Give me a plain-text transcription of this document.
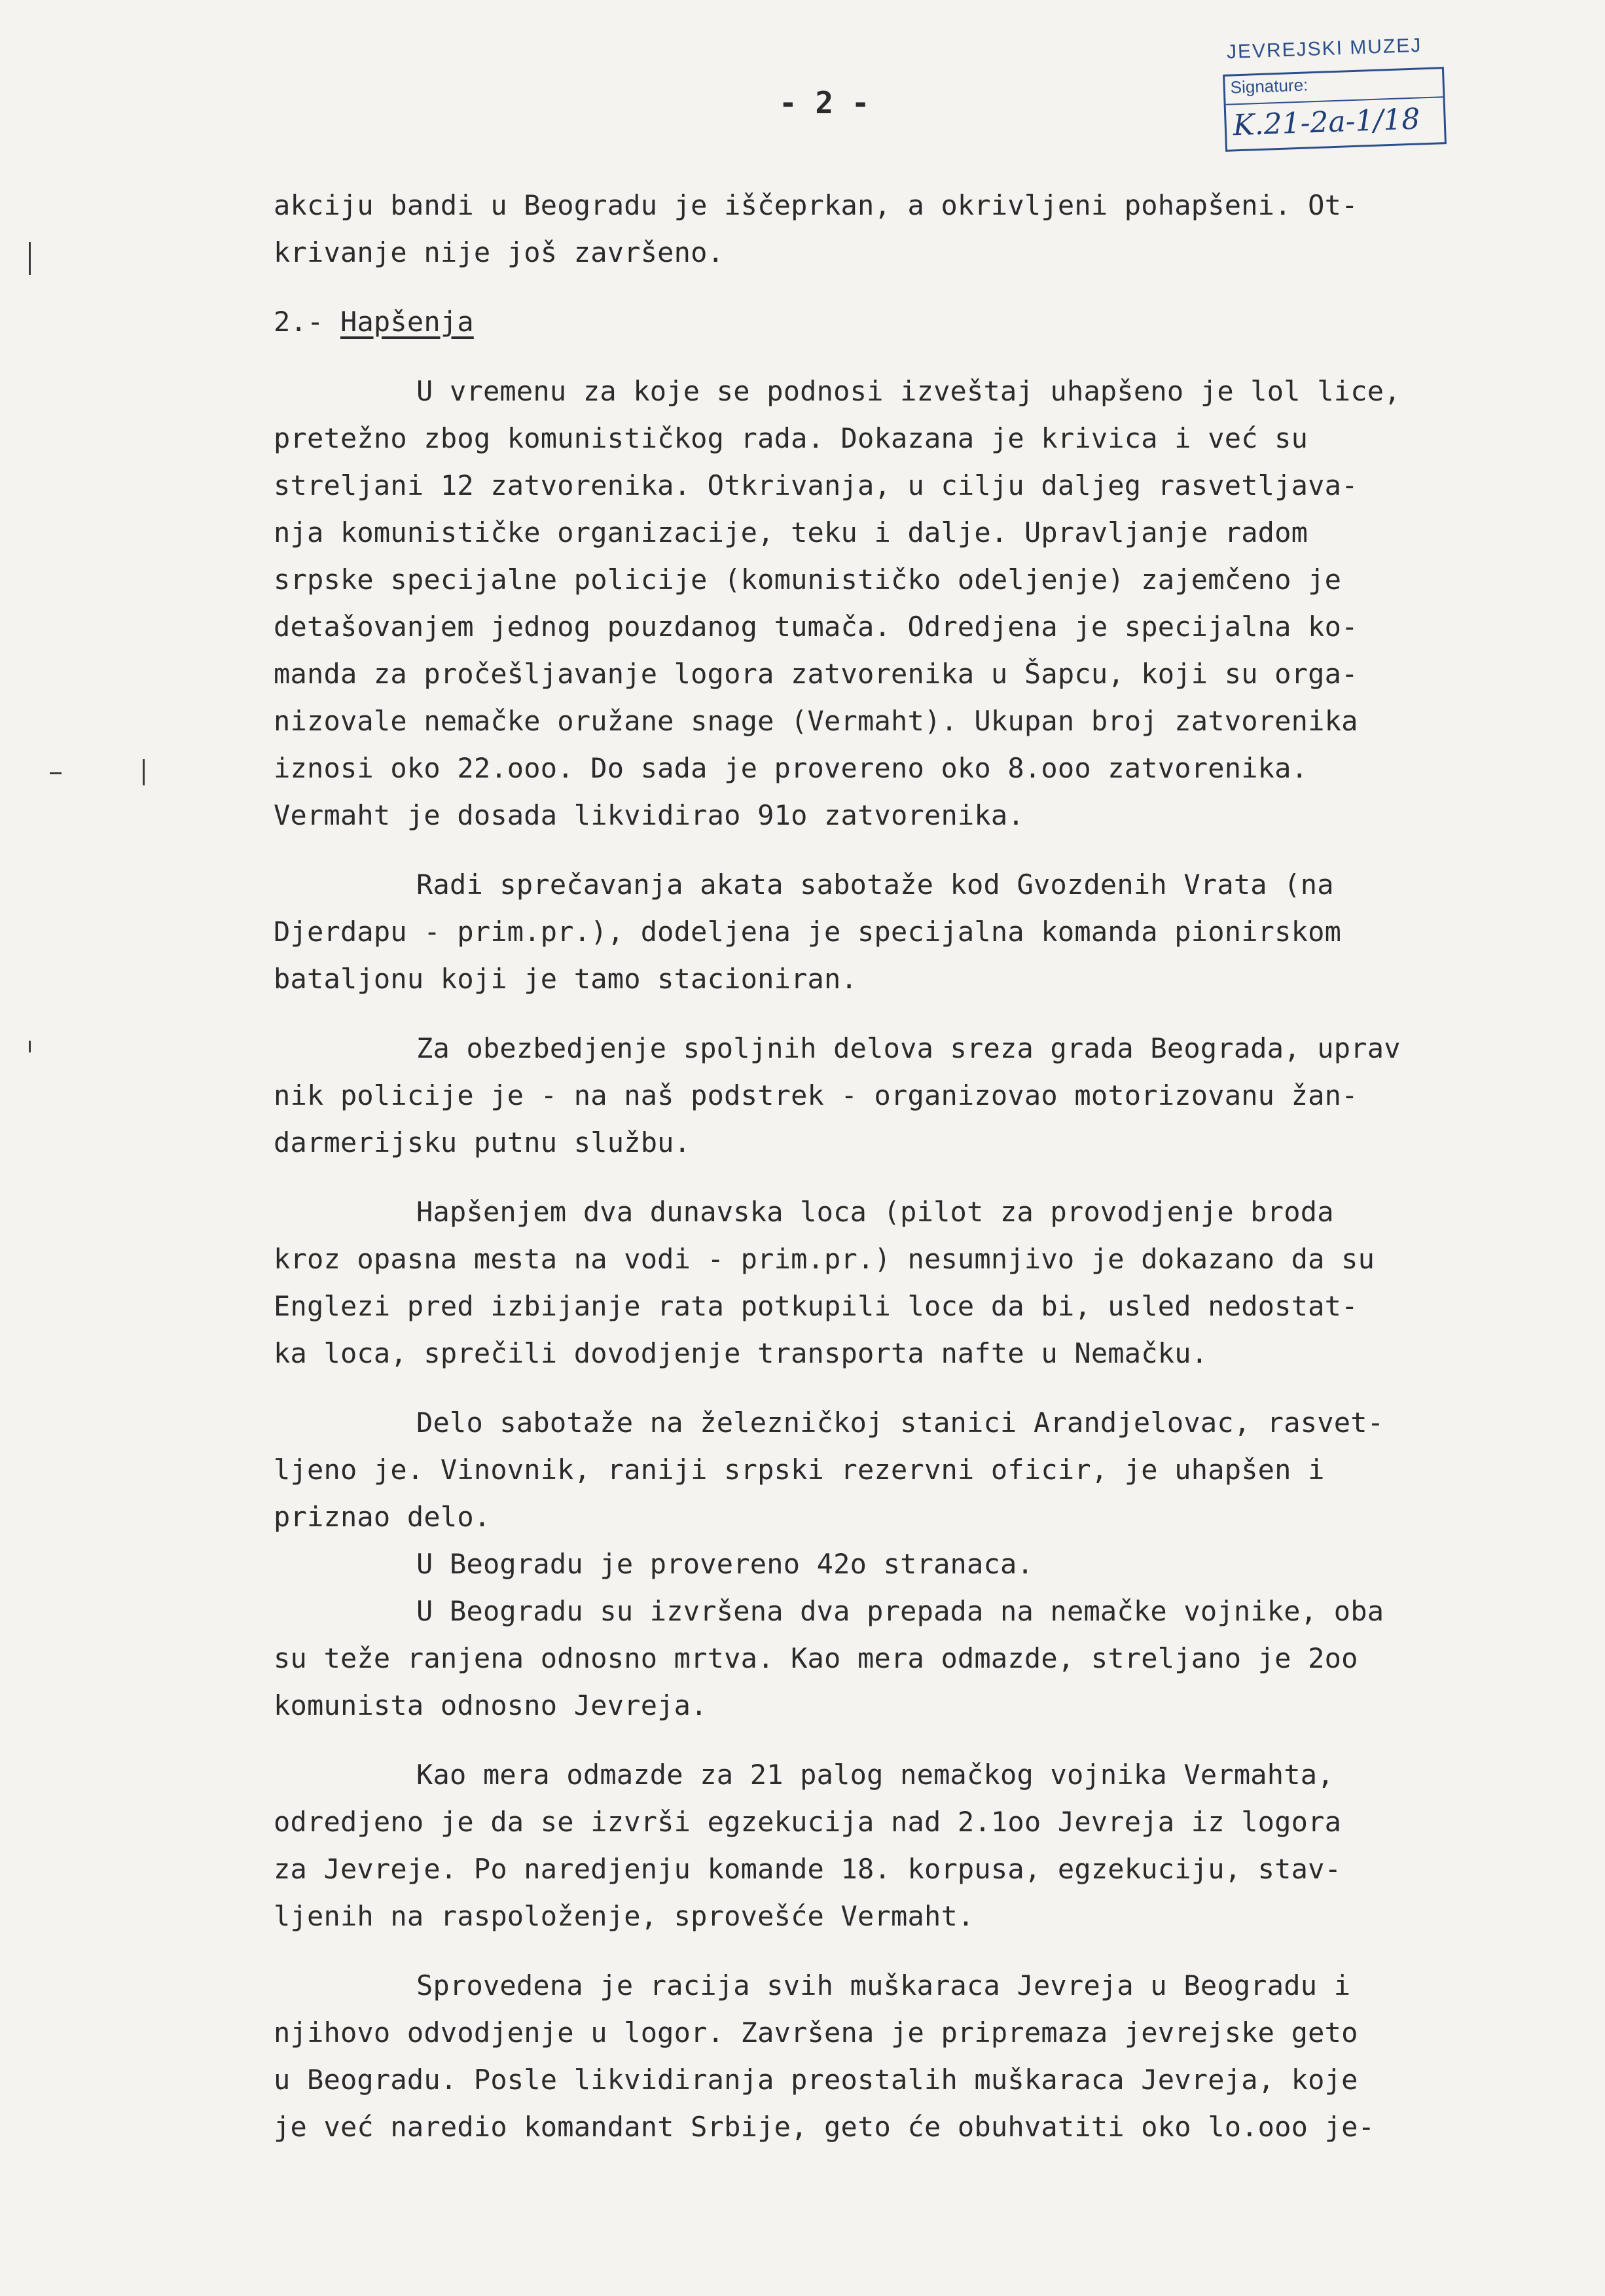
JEVREJSKI MUZEJ
Signature:
K.21-2a-1/18
- 2 -
akciju bandi u Beogradu je iščeprkan, a okrivljeni pohapšeni. Ot-
krivanje nije još završeno.
2.- Hapšenja
U vremenu za koje se podnosi izveštaj uhapšeno je lol lice,
pretežno zbog komunističkog rada. Dokazana je krivica i već su
streljani 12 zatvorenika. Otkrivanja, u cilju daljeg rasvetljava-
nja komunističke organizacije, teku i dalje. Upravljanje radom
srpske specijalne policije (komunističko odeljenje) zajemčeno je
detašovanjem jednog pouzdanog tumača. Odredjena je specijalna ko-
manda za pročešljavanje logora zatvorenika u Šapcu, koji su orga-
nizovale nemačke oružane snage (Vermaht). Ukupan broj zatvorenika
iznosi oko 22.ooo. Do sada je provereno oko 8.ooo zatvorenika.
Vermaht je dosada likvidirao 91o zatvorenika.
Radi sprečavanja akata sabotaže kod Gvozdenih Vrata (na
Djerdapu - prim.pr.), dodeljena je specijalna komanda pionirskom
bataljonu koji je tamo stacioniran.
Za obezbedjenje spoljnih delova sreza grada Beograda, uprav
nik policije je - na naš podstrek - organizovao motorizovanu žan-
darmerijsku putnu službu.
Hapšenjem dva dunavska loca (pilot za provodjenje broda
kroz opasna mesta na vodi - prim.pr.) nesumnjivo je dokazano da su
Englezi pred izbijanje rata potkupili loce da bi, usled nedostat-
ka loca, sprečili dovodjenje transporta nafte u Nemačku.
Delo sabotaže na železničkoj stanici Arandjelovac, rasvet-
ljeno je. Vinovnik, raniji srpski rezervni oficir, je uhapšen i
priznao delo.
U Beogradu je provereno 42o stranaca.
U Beogradu su izvršena dva prepada na nemačke vojnike, oba
su teže ranjena odnosno mrtva. Kao mera odmazde, streljano je 2oo
komunista odnosno Jevreja.
Kao mera odmazde za 21 palog nemačkog vojnika Vermahta,
odredjeno je da se izvrši egzekucija nad 2.1oo Jevreja iz logora
za Jevreje. Po naredjenju komande 18. korpusa, egzekuciju, stav-
ljenih na raspoloženje, sprovešće Vermaht.
Sprovedena je racija svih muškaraca Jevreja u Beogradu i
njihovo odvodjenje u logor. Završena je pripremaza jevrejske geto
u Beogradu. Posle likvidiranja preostalih muškaraca Jevreja, koje
je već naredio komandant Srbije, geto će obuhvatiti oko lo.ooo je-
